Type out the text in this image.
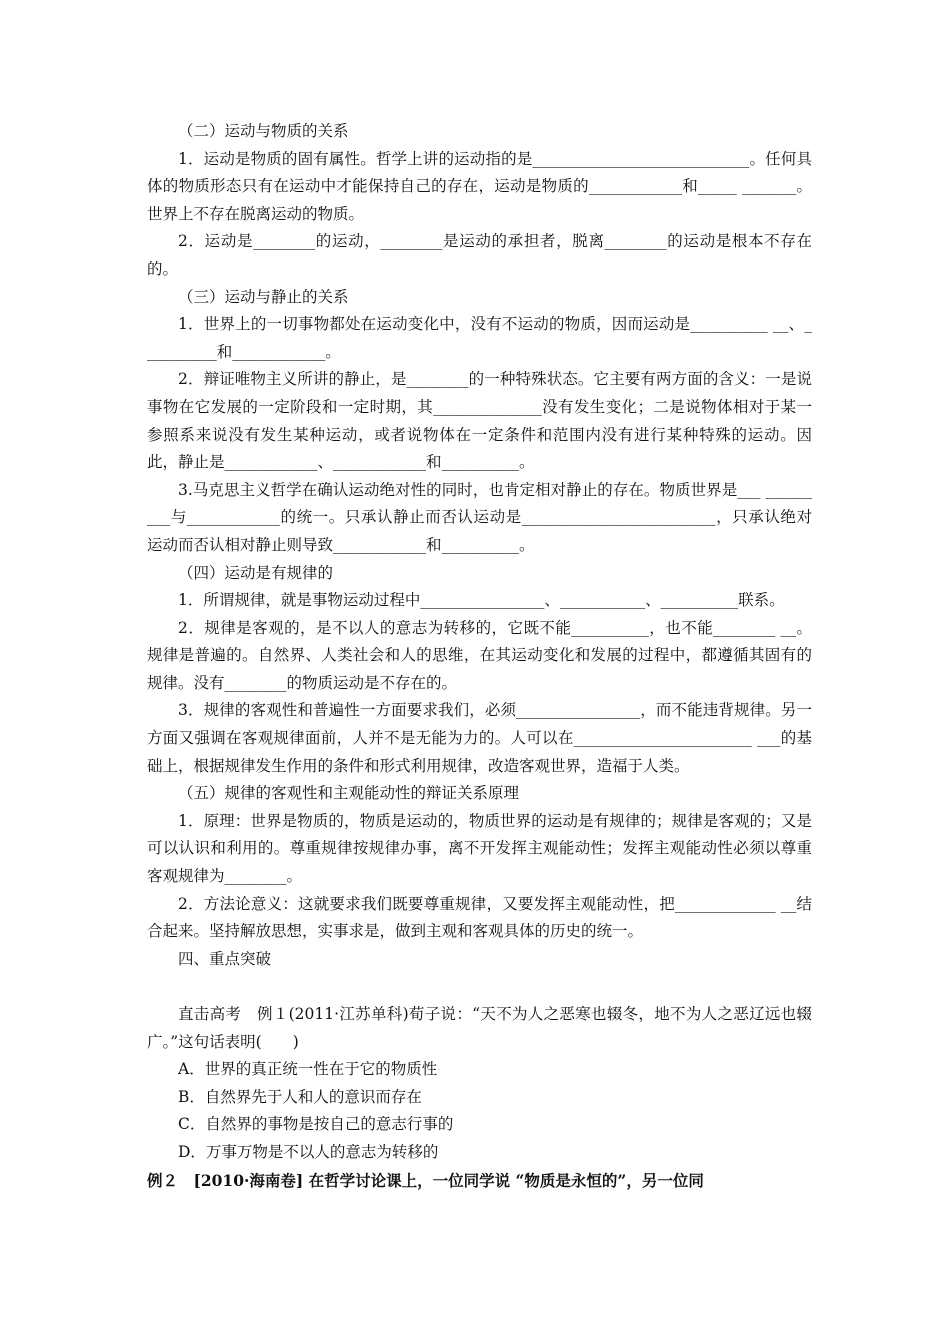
（二）运动与物质的关系

1．运动是物质的固有属性。哲学上讲的运动指的是____________________________。任何具体的物质形态只有在运动中才能保持自己的存在，运动是物质的____________和_____ _______。世界上不存在脱离运动的物质。

2．运动是________的运动，________是运动的承担者，脱离________的运动是根本不存在的。

（三）运动与静止的关系

1．世界上的一切事物都处在运动变化中，没有不运动的物质，因而运动是__________ __、__________和____________。

2．辩证唯物主义所讲的静止，是________的一种特殊状态。它主要有两方面的含义：一是说事物在它发展的一定阶段和一定时期，其______________没有发生变化；二是说物体相对于某一参照系来说没有发生某种运动，或者说物体在一定条件和范围内没有进行某种特殊的运动。因此，静止是____________、____________和__________。

3.马克思主义哲学在确认运动绝对性的同时，也肯定相对静止的存在。物质世界是___ _________与____________的统一。只承认静止而否认运动是_________________________，只承认绝对运动而否认相对静止则导致____________和__________。

（四）运动是有规律的

1．所谓规律，就是事物运动过程中________________、___________、__________联系。

2．规律是客观的，是不以人的意志为转移的，它既不能__________，也不能________ __。规律是普遍的。自然界、人类社会和人的思维，在其运动变化和发展的过程中，都遵循其固有的规律。没有________的物质运动是不存在的。

3．规律的客观性和普遍性一方面要求我们，必须________________，而不能违背规律。另一方面又强调在客观规律面前，人并不是无能为力的。人可以在_______________________ ___的基础上，根据规律发生作用的条件和形式利用规律，改造客观世界，造福于人类。

（五）规律的客观性和主观能动性的辩证关系原理

1．原理：世界是物质的，物质是运动的，物质世界的运动是有规律的；规律是客观的；又是可以认识和利用的。尊重规律按规律办事，离不开发挥主观能动性；发挥主观能动性必须以尊重客观规律为________。

2．方法论意义：这就要求我们既要尊重规律，又要发挥主观能动性，把_____________ __结合起来。坚持解放思想，实事求是，做到主观和客观具体的历史的统一。

四、重点突破

直击高考　例１(2011·江苏单科)荀子说：“天不为人之恶寒也辍冬，地不为人之恶辽远也辍广。”这句话表明(　　)

A．世界的真正统一性在于它的物质性

B．自然界先于人和人的意识而存在

C．自然界的事物是按自己的意志行事的

D．万事万物是不以人的意志为转移的

例２　[2010·海南卷] 在哲学讨论课上，一位同学说 “物质是永恒的”，另一位同
